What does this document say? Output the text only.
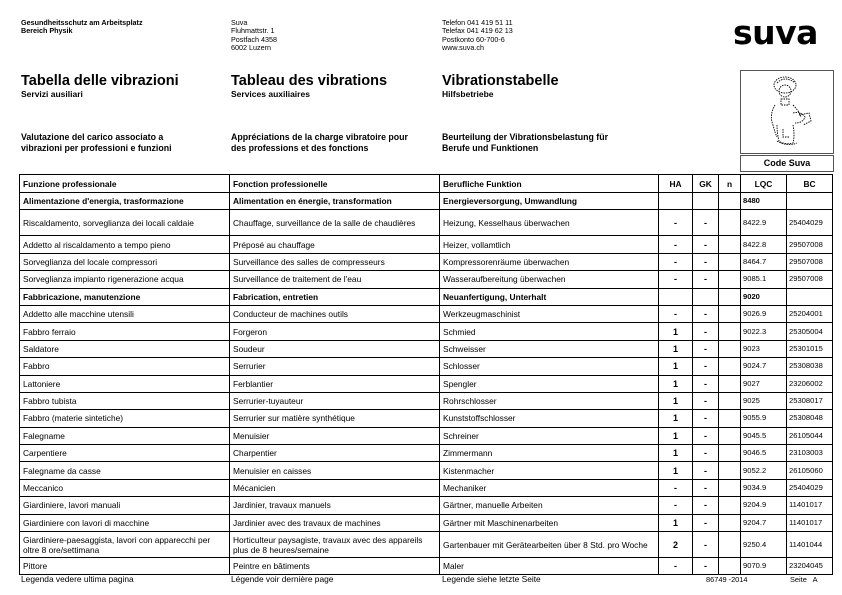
Gesundheitsschutz am Arbeitsplatz
Bereich Physik
Suva
Fluhmattstr. 1
Postfach 4358
6002 Luzern
Telefon 041 419 51 11
Telefax 041 419 62 13
Postkonto 60-700-6
www.suva.ch	suva
Tabella delle vibrazioni
Servizi ausiliari
Tableau des vibrations
Services auxiliaires
Vibrationstabelle
Hilfsbetriebe
Valutazione del carico associato a
vibrazioni per professioni e funzioni
Appréciations de la charge vibratoire pour
des professions et des fonctions
Beurteilung der Vibrationsbelastung für
Berufe und Funktionen
Code Suva
Funzione professionale	Fonction professionelle	Berufliche Funktion	HA	GK	n	LQC	BC
Alimentazione d'energia, trasformazione	Alimentation en énergie, transformation	Energieversorgung, Umwandlung				8480	
Riscaldamento, sorveglianza dei locali caldaie	Chauffage, surveillance de la salle de chaudières	Heizung, Kesselhaus überwachen	-	-		8422.9	25404029
Addetto al riscaldamento a tempo pieno	Préposé au chauffage	Heizer, vollamtlich	-	-		8422.8	29507008
Sorveglianza del locale compressori	Surveillance des salles de compresseurs	Kompressorenräume überwachen	-	-		8464.7	29507008
Sorveglianza impianto rigenerazione acqua	Surveillance de traitement de l'eau	Wasseraufbereitung überwachen	-	-		9085.1	29507008
Fabbricazione, manutenzione	Fabrication, entretien	Neuanfertigung, Unterhalt				9020	
Addetto alle macchine utensili	Conducteur de machines outils	Werkzeugmaschinist	-	-		9026.9	25204001
Fabbro ferraio	Forgeron	Schmied	1	-		9022.3	25305004
Saldatore	Soudeur	Schweisser	1	-		9023	25301015
Fabbro	Serrurier	Schlosser	1	-		9024.7	25308038
Lattoniere	Ferblantier	Spengler	1	-		9027	23206002
Fabbro tubista	Serrurier-tuyauteur	Rohrschlosser	1	-		9025	25308017
Fabbro (materie sintetiche)	Serrurier sur matière synthétique	Kunststoffschlosser	1	-		9055.9	25308048
Falegname	Menuisier	Schreiner	1	-		9045.5	26105044
Carpentiere	Charpentier	Zimmermann	1	-		9046.5	23103003
Falegname da casse	Menuisier en caisses	Kistenmacher	1	-		9052.2	26105060
Meccanico	Mécanicien	Mechaniker	-	-		9034.9	25404029
Giardiniere, lavori manuali	Jardinier, travaux manuels	Gärtner, manuelle Arbeiten	-	-		9204.9	11401017
Giardiniere con lavori di macchine	Jardinier avec des travaux de machines	Gärtner mit Maschinenarbeiten	1	-		9204.7	11401017
Giardiniere-paesaggista, lavori con apparecchi per oltre 8 ore/settimana	Horticulteur paysagiste, travaux avec des appareils plus de 8 heures/semaine	Gartenbauer mit Gerätearbeiten über 8 Std. pro Woche	2	-		9250.4	11401044
Pittore	Peintre en bâtiments	Maler	-	-		9070.9	23204045
Legenda vedere ultima pagina	Légende voir dernière page	Legende siehe letzte Seite	86749 -2014	Seite   A
